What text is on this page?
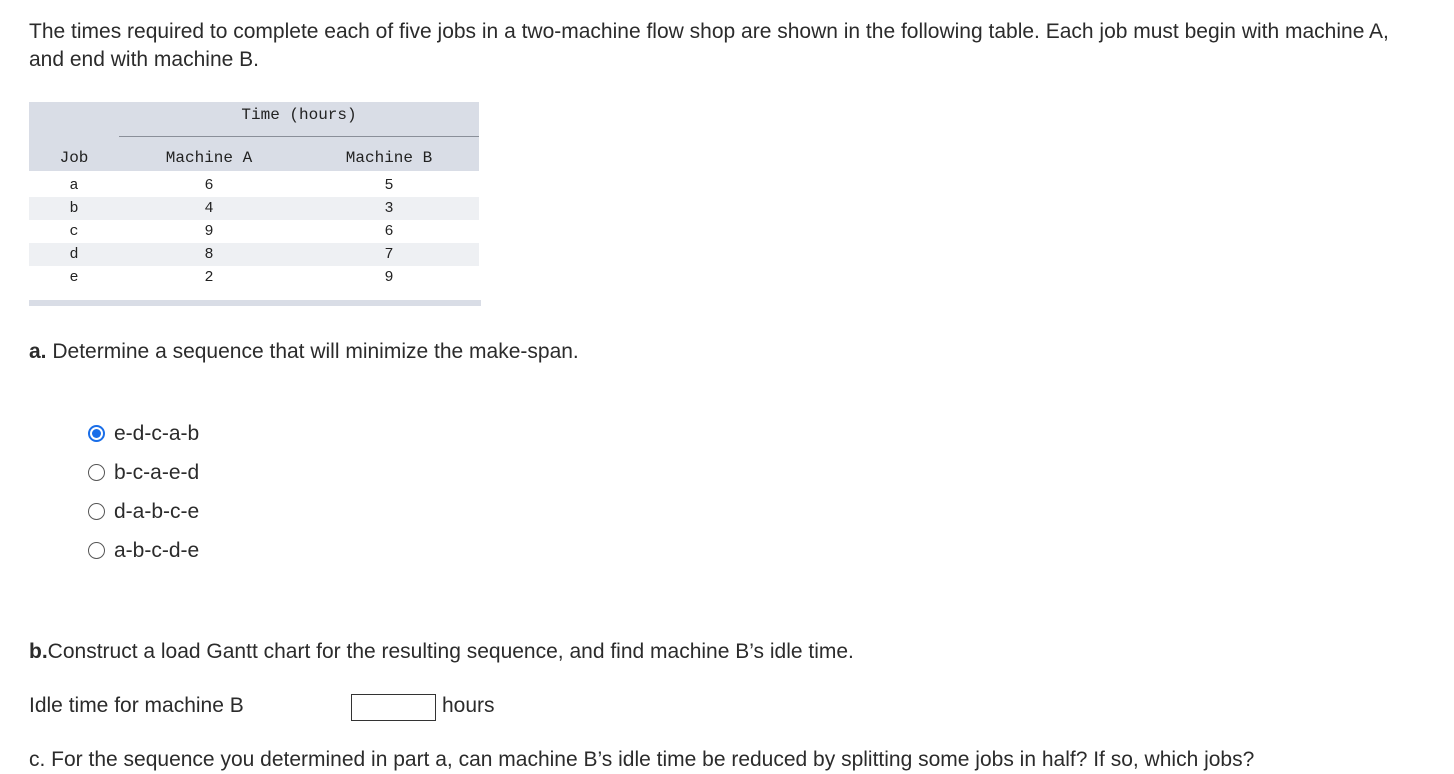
The times required to complete each of five jobs in a two-machine flow shop are shown in the following table. Each job must begin with machine A, and end with machine B.

Time (hours)
Job	Machine A	Machine B
a	6	5
b	4	3
c	9	6
d	8	7
e	2	9

a. Determine a sequence that will minimize the make-span.

e-d-c-a-b
b-c-a-e-d
d-a-b-c-e
a-b-c-d-e

b.Construct a load Gantt chart for the resulting sequence, and find machine B’s idle time.

Idle time for machine B	hours
c. For the sequence you determined in part a, can machine B’s idle time be reduced by splitting some jobs in half? If so, which jobs?
